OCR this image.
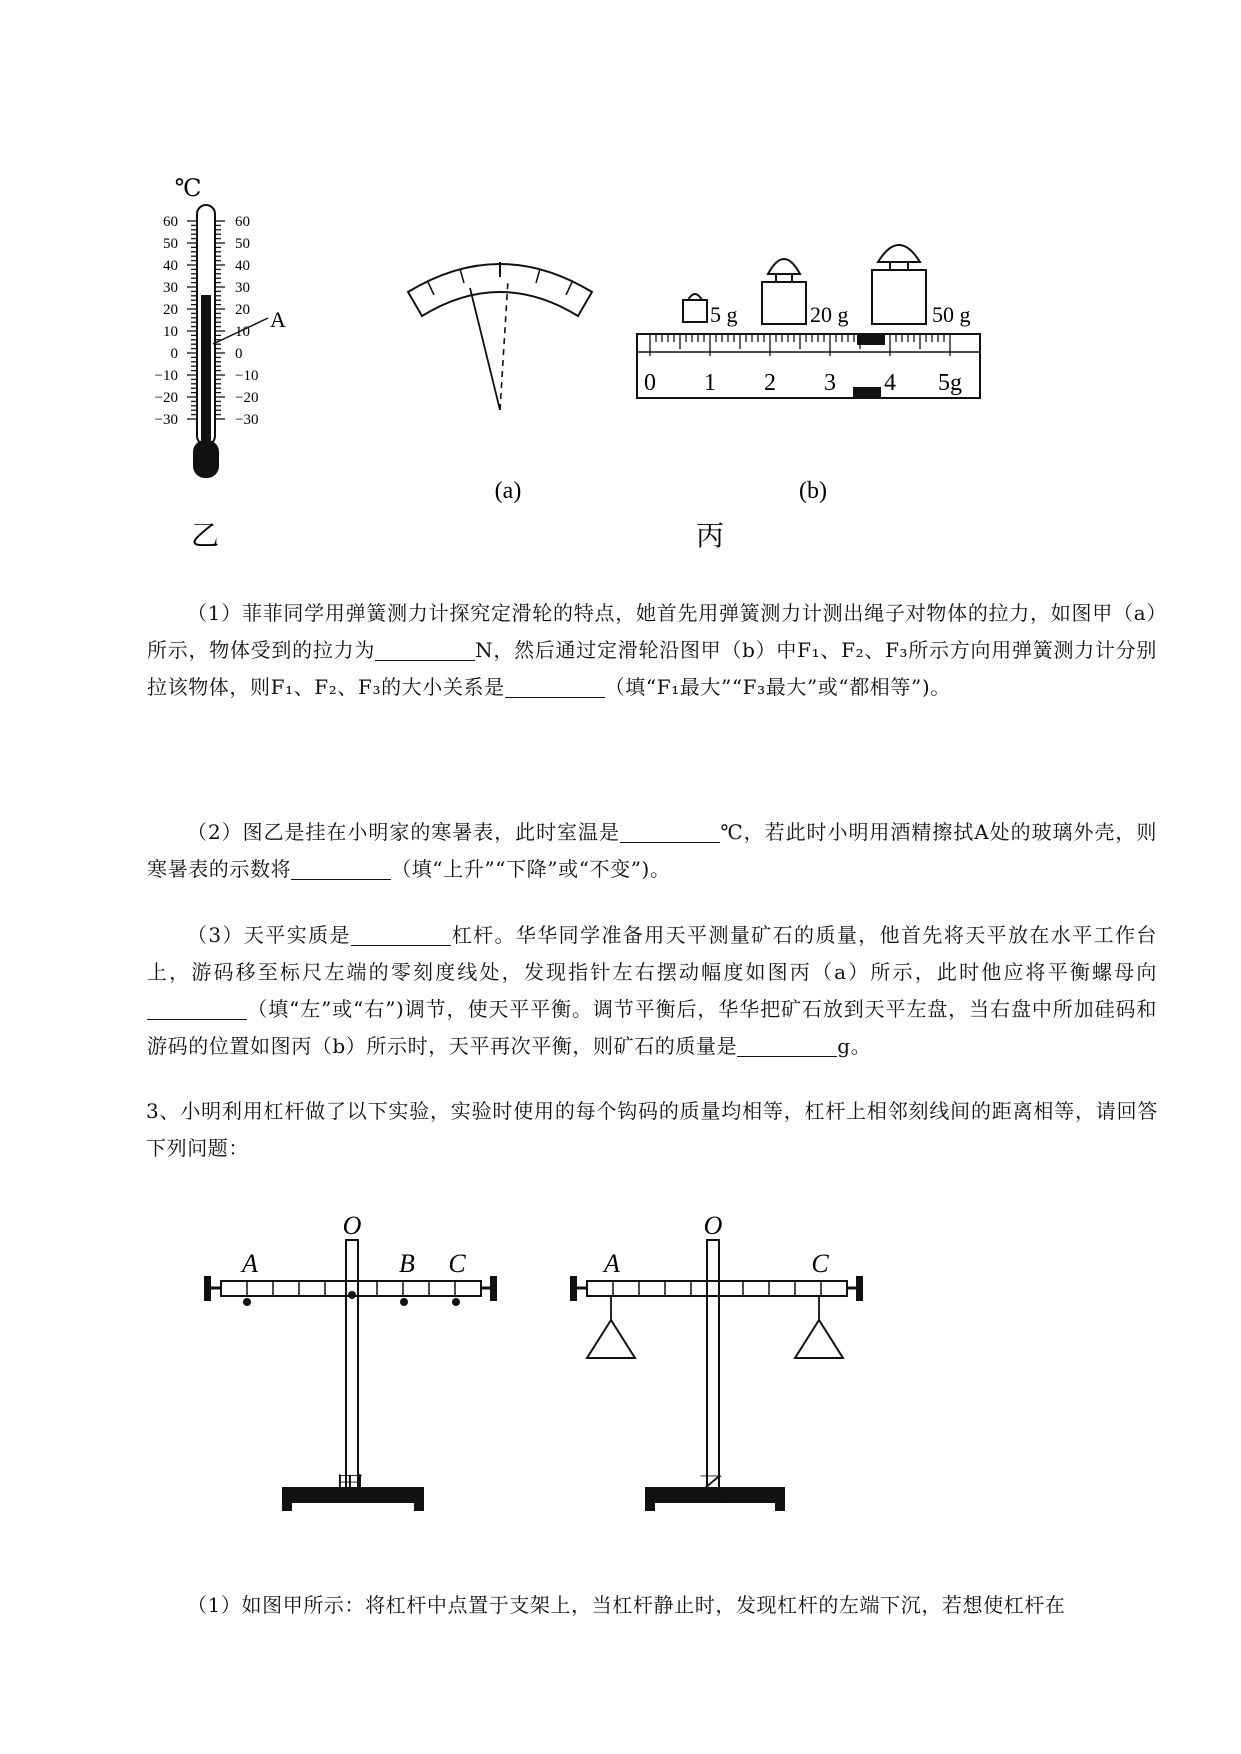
℃
60
50
40
30
20
10
0
−10
−20
−30
60
50
40
30
20
10
0
−10
−20
−30
A
乙
(a)
5 g	20 g	50 g
0 1 2 3 4 5g
(b)
丙

（1）菲菲同学用弹簧测力计探究定滑轮的特点，她首先用弹簧测力计测出绳子对物体的拉力，如图甲（a）所示，物体受到的拉力为	N，然后通过定滑轮沿图甲（b）中F₁、F₂、F₃所示方向用弹簧测力计分别拉该物体，则F₁、F₂、F₃的大小关系是	（填“F₁最大”“F₃最大”或“都相等”)。

（2）图乙是挂在小明家的寒暑表，此时室温是	℃，若此时小明用酒精擦拭A处的玻璃外壳，则寒暑表的示数将	（填“上升”“下降”或“不变”)。

（3）天平实质是	杠杆。华华同学准备用天平测量矿石的质量，他首先将天平放在水平工作台上，游码移至标尺左端的零刻度线处，发现指针左右摆动幅度如图丙（a）所示，此时他应将平衡螺母向（填“左”或“右”)调节，使天平平衡。调节平衡后，华华把矿石放到天平左盘，当右盘中所加硅码和游码的位置如图丙（b）所示时，天平再次平衡，则矿石的质量是	g。

3、小明利用杠杆做了以下实验，实验时使用的每个钩码的质量均相等，杠杆上相邻刻线间的距离相等，请回答下列问题：

A
O
B C	A
O
C
甲	乙

（1）如图甲所示：将杠杆中点置于支架上，当杠杆静止时，发现杠杆的左端下沉，若想使杠杆在
